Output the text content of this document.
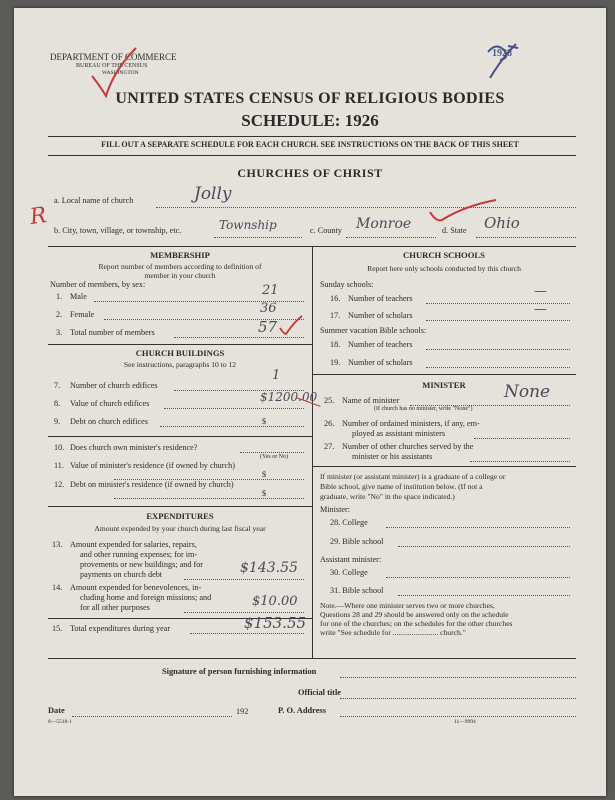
DEPARTMENT OF COMMERCE
BUREAU OF THE CENSUS
WASHINGTON
1928
UNITED STATES CENSUS OF RELIGIOUS BODIES
SCHEDULE: 1926
FILL OUT A SEPARATE SCHEDULE FOR EACH CHURCH. SEE INSTRUCTIONS ON THE BACK OF THIS SHEET
CHURCHES OF CHRIST
a. Local name of church	Jolly
b. City, town, village, or township, etc.	Township	c. County Monroe	d. State Ohio
R
MEMBERSHIP
Report number of members according to definition of
member in your church
Number of members, by sex:
1. Male	21
2. Female	36
3. Total number of members	57
CHURCH BUILDINGS
See instructions, paragraphs 10 to 12
7. Number of church edifices
1
8. Value of church edifices	$1200.00
9. Debt on church edifices	$
10. Does church own minister's residence?
(Yes or No)
11. Value of minister's residence (if owned by church)
$
12. Debt on minister's residence (if owned by church)
$
EXPENDITURES
Amount expended by your church during last fiscal year
13. Amount expended for salaries, repairs,
and other running expenses; for im-
provements or new buildings; and for
payments on church debt	$143.55
14. Amount expended for benevolences, in-
cluding home and foreign missions; and
for all other purposes	$10.00
15. Total expenditures during year	$153.55
CHURCH SCHOOLS
Report here only schools conducted by this church
Sunday schools:
16. Number of teachers	—
17. Number of scholars	—
Summer vacation Bible schools:
18. Number of teachers
19. Number of scholars
MINISTER
25. Name of minister	None
(If church has no minister, write "None")
26. Number of ordained ministers, if any, em-
ployed as assistant ministers
27. Number of other churches served by the
minister or his assistants
If minister (or assistant minister) is a graduate of a college or
Bible school, give name of institution below. (If not a
graduate, write "No" in the space indicated.)
Minister:
28. College
29. Bible school
Assistant minister:
30. College
31. Bible school
Note.—Where one minister serves two or more churches,
Questions 28 and 29 should be answered only on the schedule
for one of the churches; on the schedules for the other churches
write "See schedule for ........................ church."
Signature of person furnishing information
Official title
Date	192	P. O. Address
8—5518-1	11—9994
